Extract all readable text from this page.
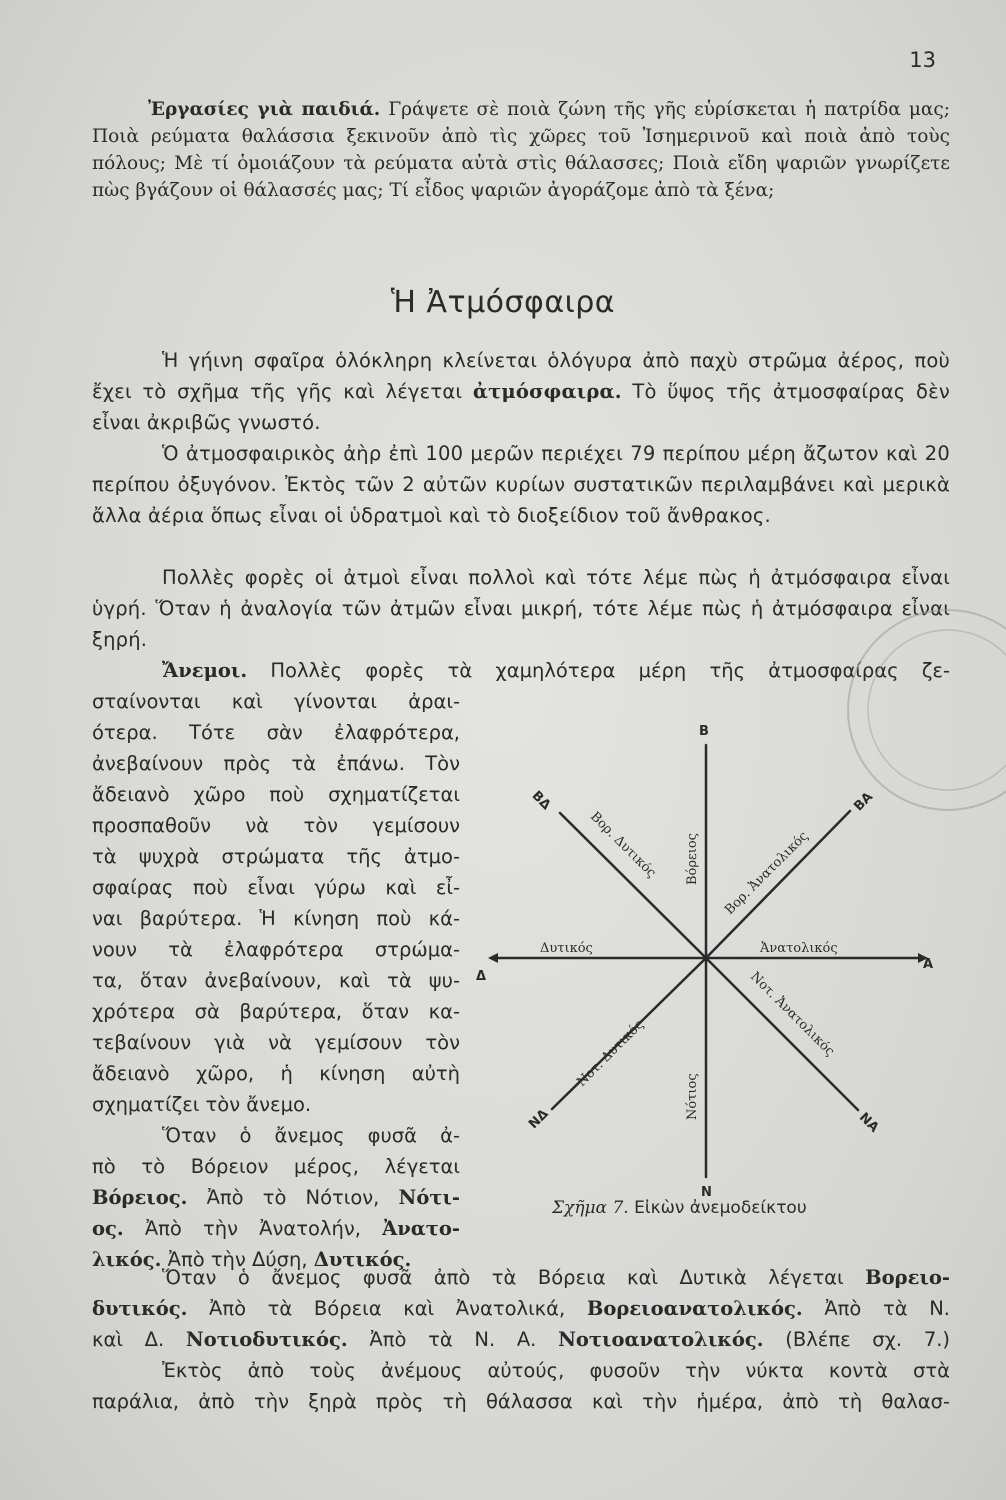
13
Ἐργασίες γιὰ παιδιά. Γράψετε σὲ ποιὰ ζώνη τῆς γῆς εὑρίσκεται ἡ πατρίδα μας; Ποιὰ ρεύματα θαλάσσια ξεκινοῦν ἀπὸ τὶς χῶρες τοῦ Ἰσημερινοῦ καὶ ποιὰ ἀπὸ τοὺς πόλους; Μὲ τί ὁμοιάζουν τὰ ρεύματα αὐτὰ στὶς θάλασσες; Ποιὰ εἴδη ψαριῶν γνωρίζετε πὼς βγάζουν οἱ θάλασσές μας; Τί εἶδος ψαριῶν ἀγοράζομε ἀπὸ τὰ ξένα;
Ἡ Ἀτμόσφαιρα
Ἡ γήινη σφαῖρα ὁλόκληρη κλείνεται ὁλόγυρα ἀπὸ παχὺ στρῶμα ἀέρος, ποὺ ἔχει τὸ σχῆμα τῆς γῆς καὶ λέγεται ἀτμόσφαιρα. Τὸ ὕψος τῆς ἀτμοσφαίρας δὲν εἶναι ἀκριβῶς γνωστό.
Ὁ ἀτμοσφαιρικὸς ἀὴρ ἐπὶ 100 μερῶν περιέχει 79 περίπου μέρη ἄζωτον καὶ 20 περίπου ὀξυγόνον. Ἐκτὸς τῶν 2 αὐτῶν κυρίων συστατικῶν περιλαμβάνει καὶ μερικὰ ἄλλα ἀέρια ὅπως εἶναι οἱ ὑδρατμοὶ καὶ τὸ διοξείδιον τοῦ ἄνθρακος.
Πολλὲς φορὲς οἱ ἀτμοὶ εἶναι πολλοὶ καὶ τότε λέμε πὼς ἡ ἀτμόσφαιρα εἶναι ὑγρή. Ὅταν ἡ ἀναλογία τῶν ἀτμῶν εἶναι μικρή, τότε λέμε πὼς ἡ ἀτμόσφαιρα εἶναι ξηρή.
Ἄνεμοι. Πολλὲς φορὲς τὰ χαμηλότερα μέρη τῆς ἀτμοσφαίρας ζε-
σταίνονται καὶ γίνονται ἀραι-
ότερα. Τότε σὰν ἐλαφρότερα,
ἀνεβαίνουν πρὸς τὰ ἐπάνω. Τὸν
ἄδειανὸ χῶρο ποὺ σχηματίζεται
προσπαθοῦν νὰ τὸν γεμίσουν
τὰ ψυχρὰ στρώματα τῆς ἀτμο-
σφαίρας ποὺ εἶναι γύρω καὶ εἶ-
ναι βαρύτερα. Ἡ κίνηση ποὺ κά-
νουν τὰ ἐλαφρότερα στρώμα-
τα, ὅταν ἀνεβαίνουν, καὶ τὰ ψυ-
χρότερα σὰ βαρύτερα, ὅταν κα-
τεβαίνουν γιὰ νὰ γεμίσουν τὸν
ἄδειανὸ χῶρο, ἡ κίνηση αὐτὴ
σχηματίζει τὸν ἄνεμο.
Ὅταν ὁ ἄνεμος φυσᾶ ἀ-
πὸ τὸ Βόρειον μέρος, λέγεται
Βόρειος. Ἀπὸ τὸ Νότιον, Νότι-
ος. Ἀπὸ τὴν Ἀνατολήν, Ἀνατο-
λικός. Ἀπὸ τὴν Δύση, Δυτικός.
Ὅταν ὁ ἄνεμος φυσᾶ ἀπὸ τὰ Βόρεια καὶ Δυτικὰ λέγεται Βορειο-
δυτικός. Ἀπὸ τὰ Βόρεια καὶ Ἀνατολικά, Βορειοανατολικός. Ἀπὸ τὰ Ν.
καὶ Δ. Νοτιοδυτικός. Ἀπὸ τὰ Ν. Α. Νοτιοανατολικός. (Βλέπε σχ. 7.)
Ἐκτὸς ἀπὸ τοὺς ἀνέμους αὐτούς, φυσοῦν τὴν νύκτα κοντὰ στὰ
παράλια, ἀπὸ τὴν ξηρὰ πρὸς τὴ θάλασσα καὶ τὴν ἡμέρα, ἀπὸ τὴ θαλασ-
Β
Ν
Α
Δ
ΒΔ	ΒΑ
ΝΔ	ΝΑ
Βόρειος
Νότιος
Ἀνατολικός
Δυτικός
Βορ. Δυτικός	Βορ. Ἀνατολικός
Νοτ. Δυτικός	Νοτ. Ἀνατολικός
Σχῆμα 7. Εἰκὼν ἀνεμοδείκτου
